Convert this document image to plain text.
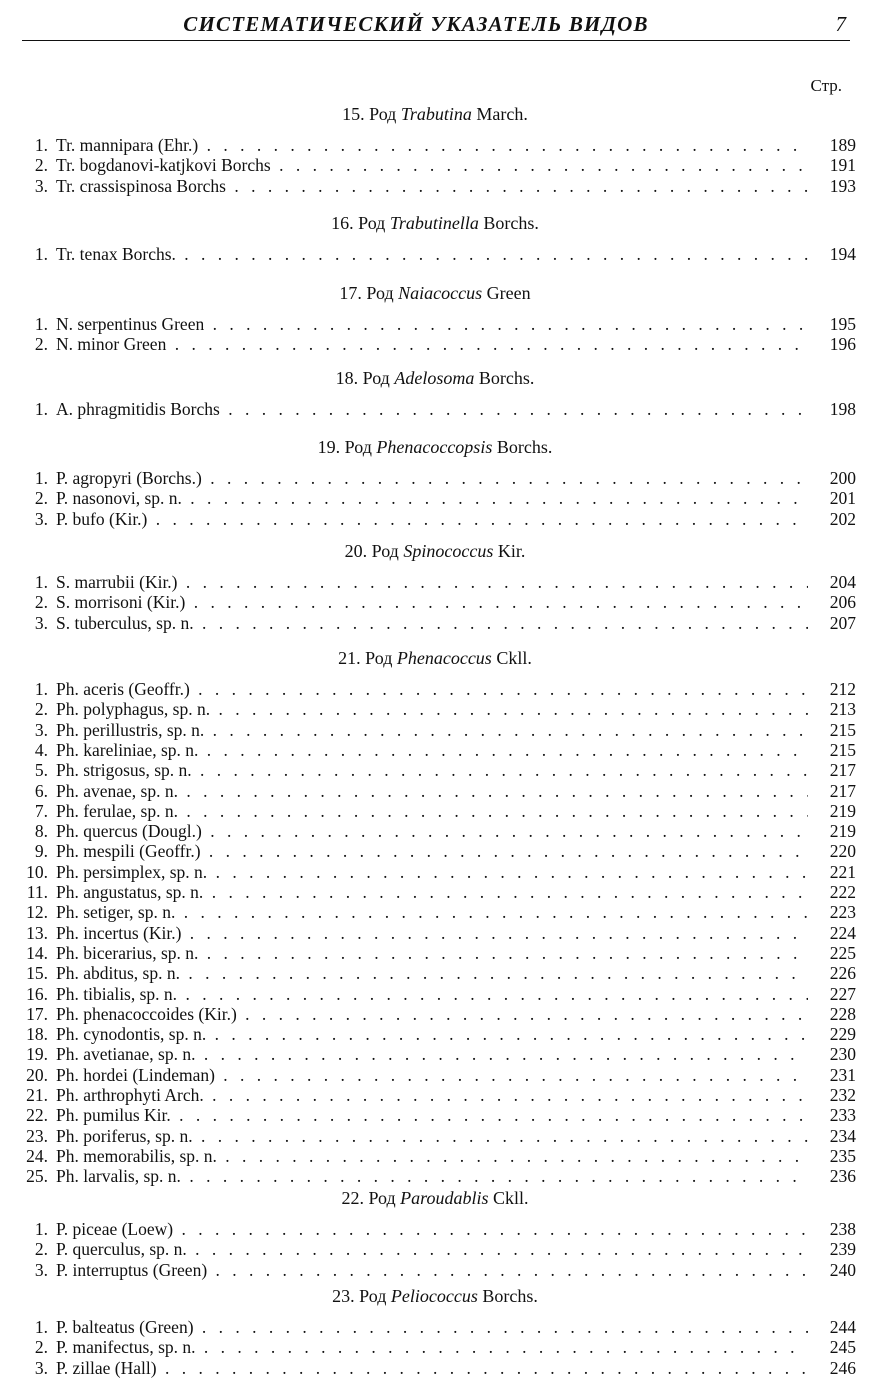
СИСТЕМАТИЧЕСКИЙ УКАЗАТЕЛЬ ВИДОВ	7
Стр.
15. Род Trabutina March.
1. Tr. mannipara (Ehr.) . . .	189
2. Tr. bogdanovi-katjkovi Borchs . . .	191
3. Tr. crassispinosa Borchs . . .	193
16. Род Trabutinella Borchs.
1. Tr. tenax Borchs. . . .	194
17. Род Naiacoccus Green
1. N. serpentinus Green . . .	195
2. N. minor Green . . .	196
18. Род Adelosoma Borchs.
1. A. phragmitidis Borchs . . .	198
19. Род Phenacoccopsis Borchs.
1. P. agropyri (Borchs.) . . .	200
2. P. nasonovi, sp. n. . . .	201
3. P. bufo (Kir.) . . .	202
20. Род Spinococcus Kir.
1. S. marrubii (Kir.) . . .	204
2. S. morrisoni (Kir.) . . .	206
3. S. tuberculus, sp. n. . . .	207
21. Род Phenacoccus Ckll.
1. Ph. aceris (Geoffr.) . . .	212
2. Ph. polyphagus, sp. n. . . .	213
3. Ph. perillustris, sp. n. . . .	215
4. Ph. kareliniae, sp. n. . . .	215
5. Ph. strigosus, sp. n. . . .	217
6. Ph. avenae, sp. n. . . .	217
7. Ph. ferulae, sp. n. . . .	219
8. Ph. quercus (Dougl.) . . .	219
9. Ph. mespili (Geoffr.) . . .	220
10. Ph. persimplex, sp. n. . . .	221
11. Ph. angustatus, sp. n. . . .	222
12. Ph. setiger, sp. n. . . .	223
13. Ph. incertus (Kir.) . . .	224
14. Ph. bicerarius, sp. n. . . .	225
15. Ph. abditus, sp. n. . . .	226
16. Ph. tibialis, sp. n. . . .	227
17. Ph. phenacoccoides (Kir.) . . .	228
18. Ph. cynodontis, sp. n. . . .	229
19. Ph. avetianae, sp. n. . . .	230
20. Ph. hordei (Lindeman) . . .	231
21. Ph. arthrophyti Arch. . . .	232
22. Ph. pumilus Kir. . . .	233
23. Ph. poriferus, sp. n. . . .	234
24. Ph. memorabilis, sp. n. . . .	235
25. Ph. larvalis, sp. n. . . .	236
22. Род Paroudablis Ckll.
1. P. piceae (Loew) . . .	238
2. P. querculus, sp. n. . . .	239
3. P. interruptus (Green) . . .	240
23. Род Peliococcus Borchs.
1. P. balteatus (Green) . . .	244
2. P. manifectus, sp. n. . . .	245
3. P. zillae (Hall) . . .	246
